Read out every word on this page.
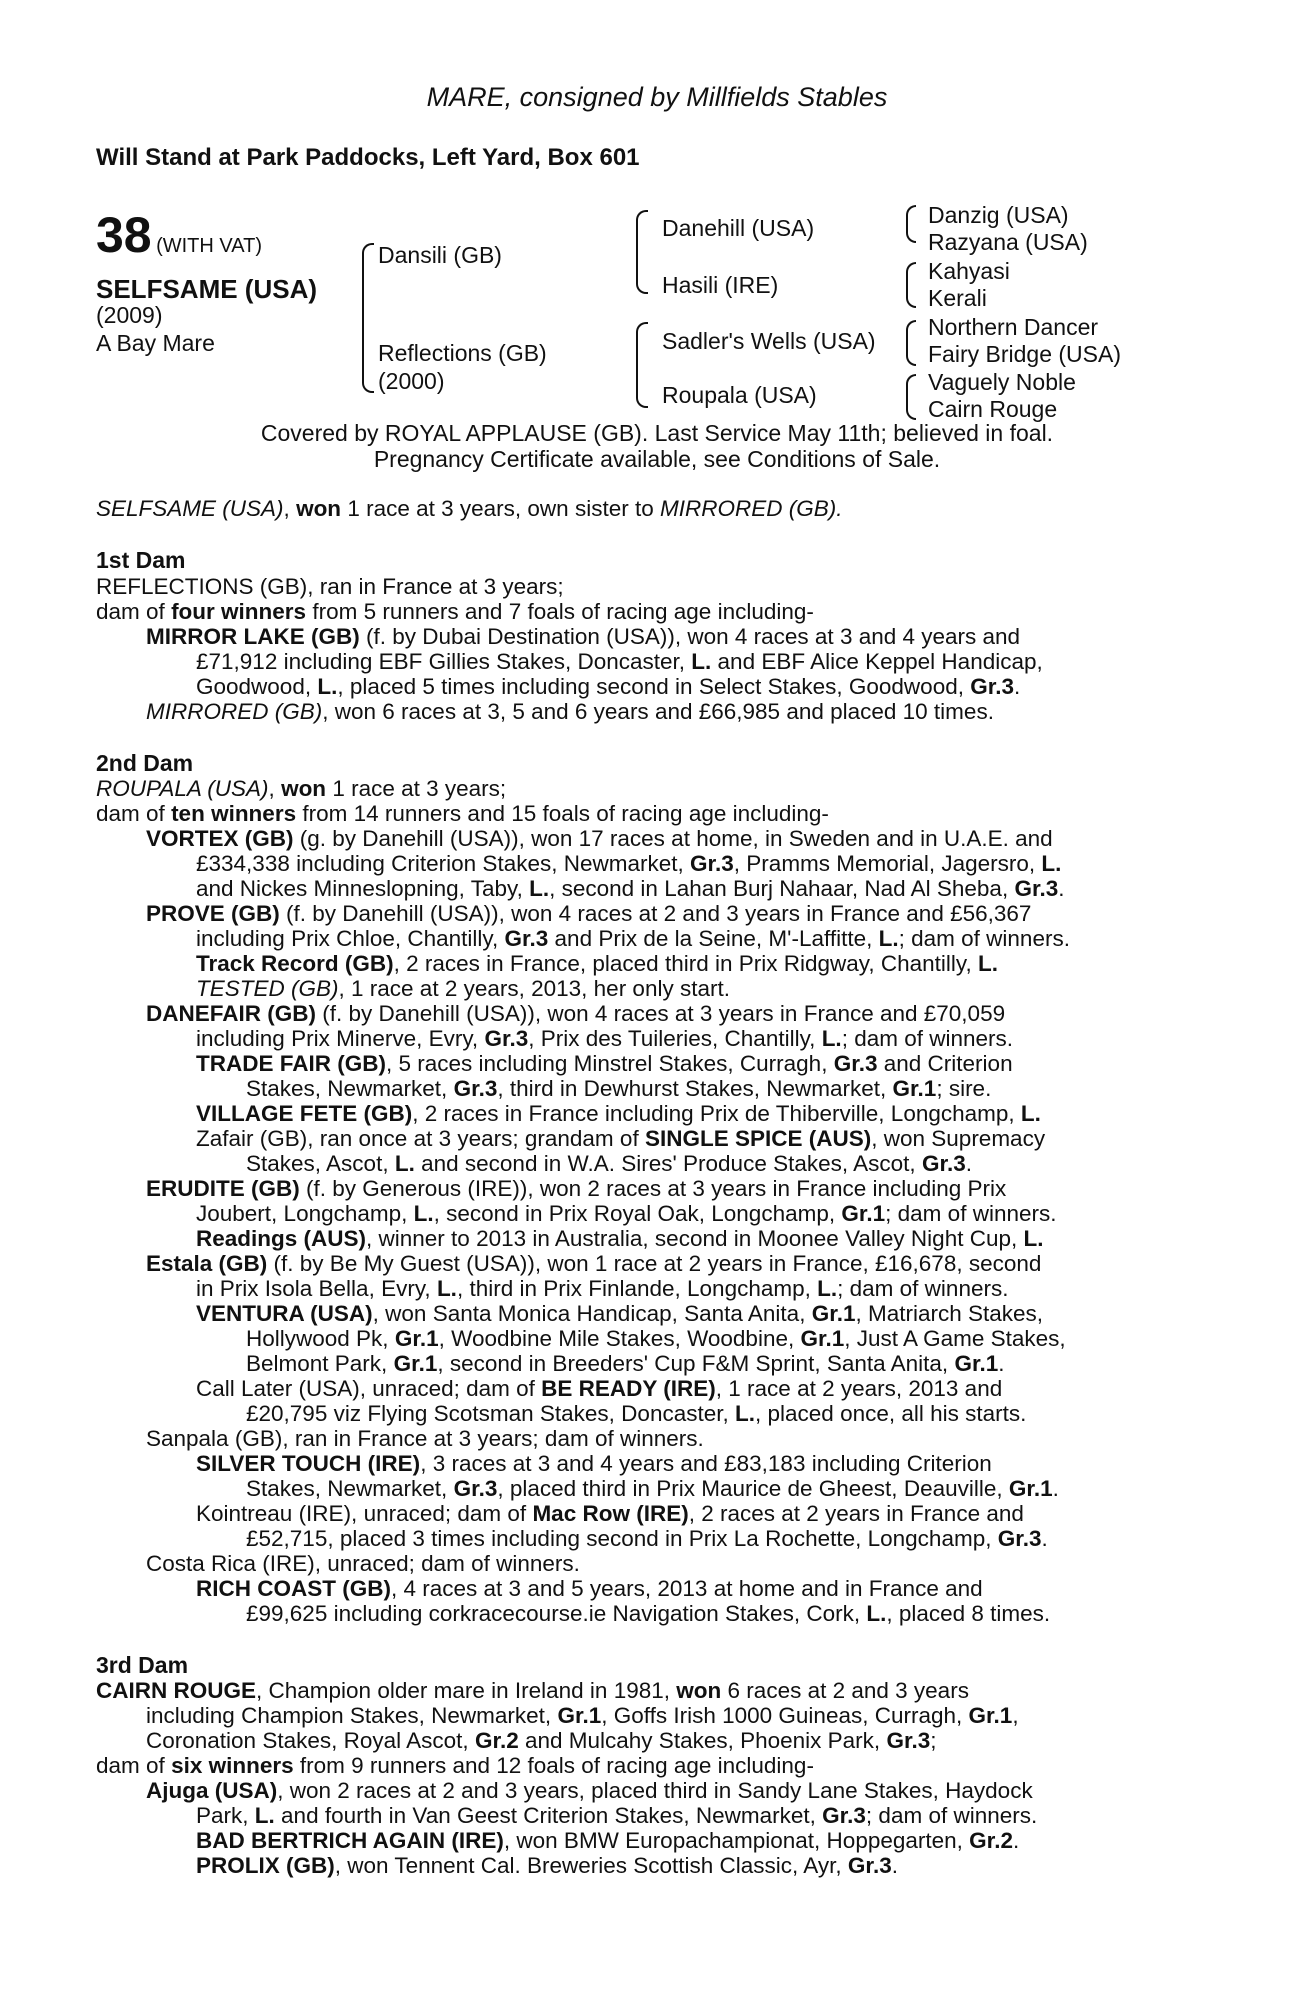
MARE, consigned by Millfields Stables
Will Stand at Park Paddocks, Left Yard, Box 601
38 (WITH VAT)
SELFSAME (USA)
(2009)
A Bay Mare
Dansili (GB)
Reflections (GB)
(2000)
Danehill (USA)
Hasili (IRE)
Sadler's Wells (USA)
Roupala (USA)
Danzig (USA)
Razyana (USA)
Kahyasi
Kerali
Northern Dancer
Fairy Bridge (USA)
Vaguely Noble
Cairn Rouge
Covered by ROYAL APPLAUSE (GB). Last Service May 11th; believed in foal.
Pregnancy Certificate available, see Conditions of Sale.
SELFSAME (USA), won 1 race at 3 years, own sister to MIRRORED (GB).
1st Dam
REFLECTIONS (GB), ran in France at 3 years;
dam of four winners from 5 runners and 7 foals of racing age including-
MIRROR LAKE (GB) (f. by Dubai Destination (USA)), won 4 races at 3 and 4 years and
£71,912 including EBF Gillies Stakes, Doncaster, L. and EBF Alice Keppel Handicap,
Goodwood, L., placed 5 times including second in Select Stakes, Goodwood, Gr.3.
MIRRORED (GB), won 6 races at 3, 5 and 6 years and £66,985 and placed 10 times.
2nd Dam
ROUPALA (USA), won 1 race at 3 years;
dam of ten winners from 14 runners and 15 foals of racing age including-
VORTEX (GB) (g. by Danehill (USA)), won 17 races at home, in Sweden and in U.A.E. and
£334,338 including Criterion Stakes, Newmarket, Gr.3, Pramms Memorial, Jagersro, L.
and Nickes Minneslopning, Taby, L., second in Lahan Burj Nahaar, Nad Al Sheba, Gr.3.
PROVE (GB) (f. by Danehill (USA)), won 4 races at 2 and 3 years in France and £56,367
including Prix Chloe, Chantilly, Gr.3 and Prix de la Seine, M'-Laffitte, L.; dam of winners.
Track Record (GB), 2 races in France, placed third in Prix Ridgway, Chantilly, L.
TESTED (GB), 1 race at 2 years, 2013, her only start.
DANEFAIR (GB) (f. by Danehill (USA)), won 4 races at 3 years in France and £70,059
including Prix Minerve, Evry, Gr.3, Prix des Tuileries, Chantilly, L.; dam of winners.
TRADE FAIR (GB), 5 races including Minstrel Stakes, Curragh, Gr.3 and Criterion
Stakes, Newmarket, Gr.3, third in Dewhurst Stakes, Newmarket, Gr.1; sire.
VILLAGE FETE (GB), 2 races in France including Prix de Thiberville, Longchamp, L.
Zafair (GB), ran once at 3 years; grandam of SINGLE SPICE (AUS), won Supremacy
Stakes, Ascot, L. and second in W.A. Sires' Produce Stakes, Ascot, Gr.3.
ERUDITE (GB) (f. by Generous (IRE)), won 2 races at 3 years in France including Prix
Joubert, Longchamp, L., second in Prix Royal Oak, Longchamp, Gr.1; dam of winners.
Readings (AUS), winner to 2013 in Australia, second in Moonee Valley Night Cup, L.
Estala (GB) (f. by Be My Guest (USA)), won 1 race at 2 years in France, £16,678, second
in Prix Isola Bella, Evry, L., third in Prix Finlande, Longchamp, L.; dam of winners.
VENTURA (USA), won Santa Monica Handicap, Santa Anita, Gr.1, Matriarch Stakes,
Hollywood Pk, Gr.1, Woodbine Mile Stakes, Woodbine, Gr.1, Just A Game Stakes,
Belmont Park, Gr.1, second in Breeders' Cup F&M Sprint, Santa Anita, Gr.1.
Call Later (USA), unraced; dam of BE READY (IRE), 1 race at 2 years, 2013 and
£20,795 viz Flying Scotsman Stakes, Doncaster, L., placed once, all his starts.
Sanpala (GB), ran in France at 3 years; dam of winners.
SILVER TOUCH (IRE), 3 races at 3 and 4 years and £83,183 including Criterion
Stakes, Newmarket, Gr.3, placed third in Prix Maurice de Gheest, Deauville, Gr.1.
Kointreau (IRE), unraced; dam of Mac Row (IRE), 2 races at 2 years in France and
£52,715, placed 3 times including second in Prix La Rochette, Longchamp, Gr.3.
Costa Rica (IRE), unraced; dam of winners.
RICH COAST (GB), 4 races at 3 and 5 years, 2013 at home and in France and
£99,625 including corkracecourse.ie Navigation Stakes, Cork, L., placed 8 times.
3rd Dam
CAIRN ROUGE, Champion older mare in Ireland in 1981, won 6 races at 2 and 3 years
including Champion Stakes, Newmarket, Gr.1, Goffs Irish 1000 Guineas, Curragh, Gr.1,
Coronation Stakes, Royal Ascot, Gr.2 and Mulcahy Stakes, Phoenix Park, Gr.3;
dam of six winners from 9 runners and 12 foals of racing age including-
Ajuga (USA), won 2 races at 2 and 3 years, placed third in Sandy Lane Stakes, Haydock
Park, L. and fourth in Van Geest Criterion Stakes, Newmarket, Gr.3; dam of winners.
BAD BERTRICH AGAIN (IRE), won BMW Europachampionat, Hoppegarten, Gr.2.
PROLIX (GB), won Tennent Cal. Breweries Scottish Classic, Ayr, Gr.3.
